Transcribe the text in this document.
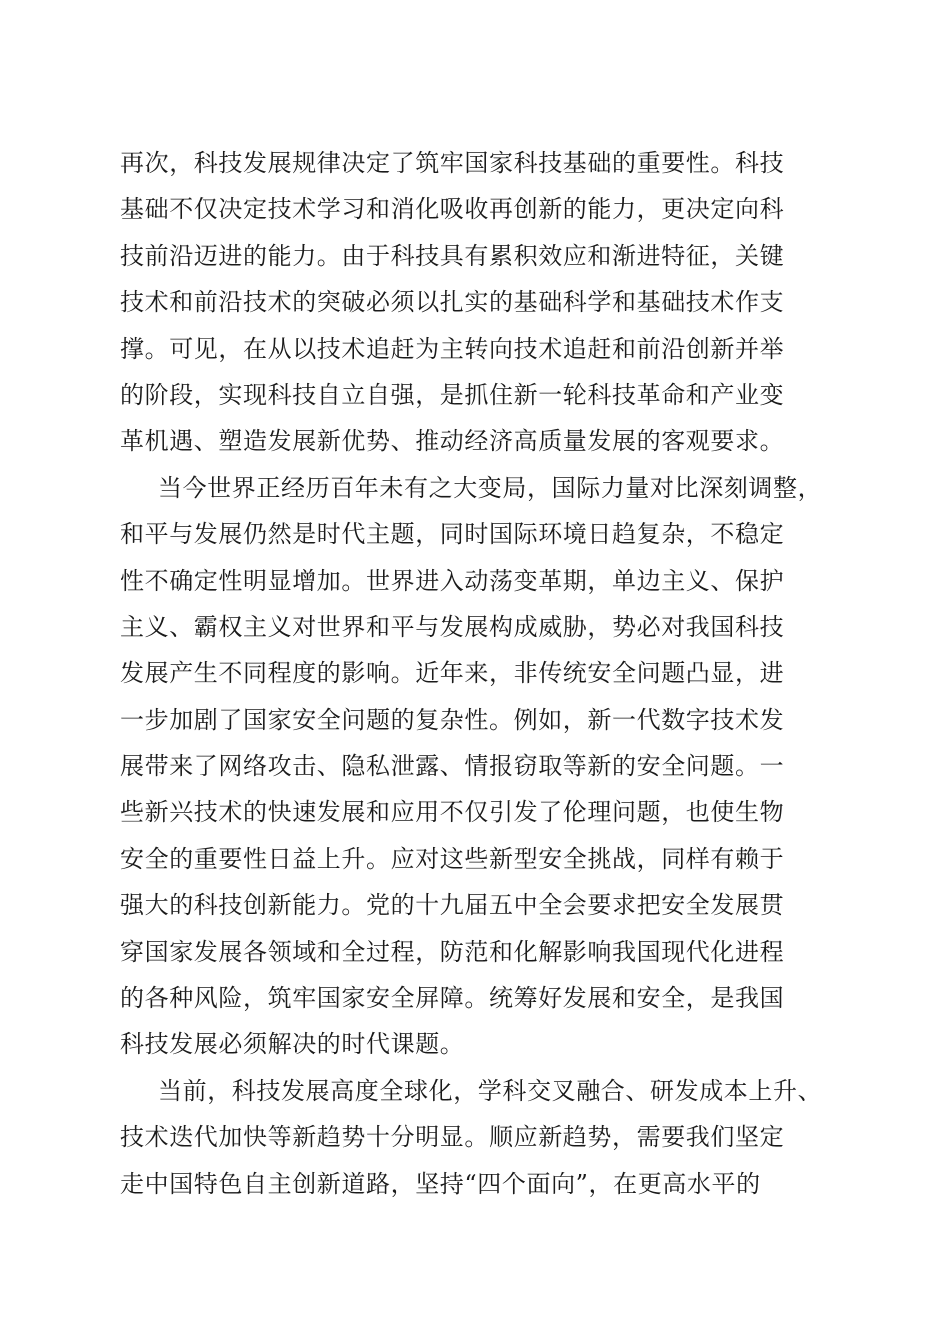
再次，科技发展规律决定了筑牢国家科技基础的重要性。科技
基础不仅决定技术学习和消化吸收再创新的能力，更决定向科
技前沿迈进的能力。由于科技具有累积效应和渐进特征，关键
技术和前沿技术的突破必须以扎实的基础科学和基础技术作支
撑。可见，在从以技术追赶为主转向技术追赶和前沿创新并举
的阶段，实现科技自立自强，是抓住新一轮科技革命和产业变
革机遇、塑造发展新优势、推动经济高质量发展的客观要求。
当今世界正经历百年未有之大变局，国际力量对比深刻调整，
和平与发展仍然是时代主题，同时国际环境日趋复杂，不稳定
性不确定性明显增加。世界进入动荡变革期，单边主义、保护
主义、霸权主义对世界和平与发展构成威胁，势必对我国科技
发展产生不同程度的影响。近年来，非传统安全问题凸显，进
一步加剧了国家安全问题的复杂性。例如，新一代数字技术发
展带来了网络攻击、隐私泄露、情报窃取等新的安全问题。一
些新兴技术的快速发展和应用不仅引发了伦理问题，也使生物
安全的重要性日益上升。应对这些新型安全挑战，同样有赖于
强大的科技创新能力。党的十九届五中全会要求把安全发展贯
穿国家发展各领域和全过程，防范和化解影响我国现代化进程
的各种风险，筑牢国家安全屏障。统筹好发展和安全，是我国
科技发展必须解决的时代课题。
当前，科技发展高度全球化，学科交叉融合、研发成本上升、
技术迭代加快等新趋势十分明显。顺应新趋势，需要我们坚定
走中国特色自主创新道路，坚持“四个面向”，在更高水平的
